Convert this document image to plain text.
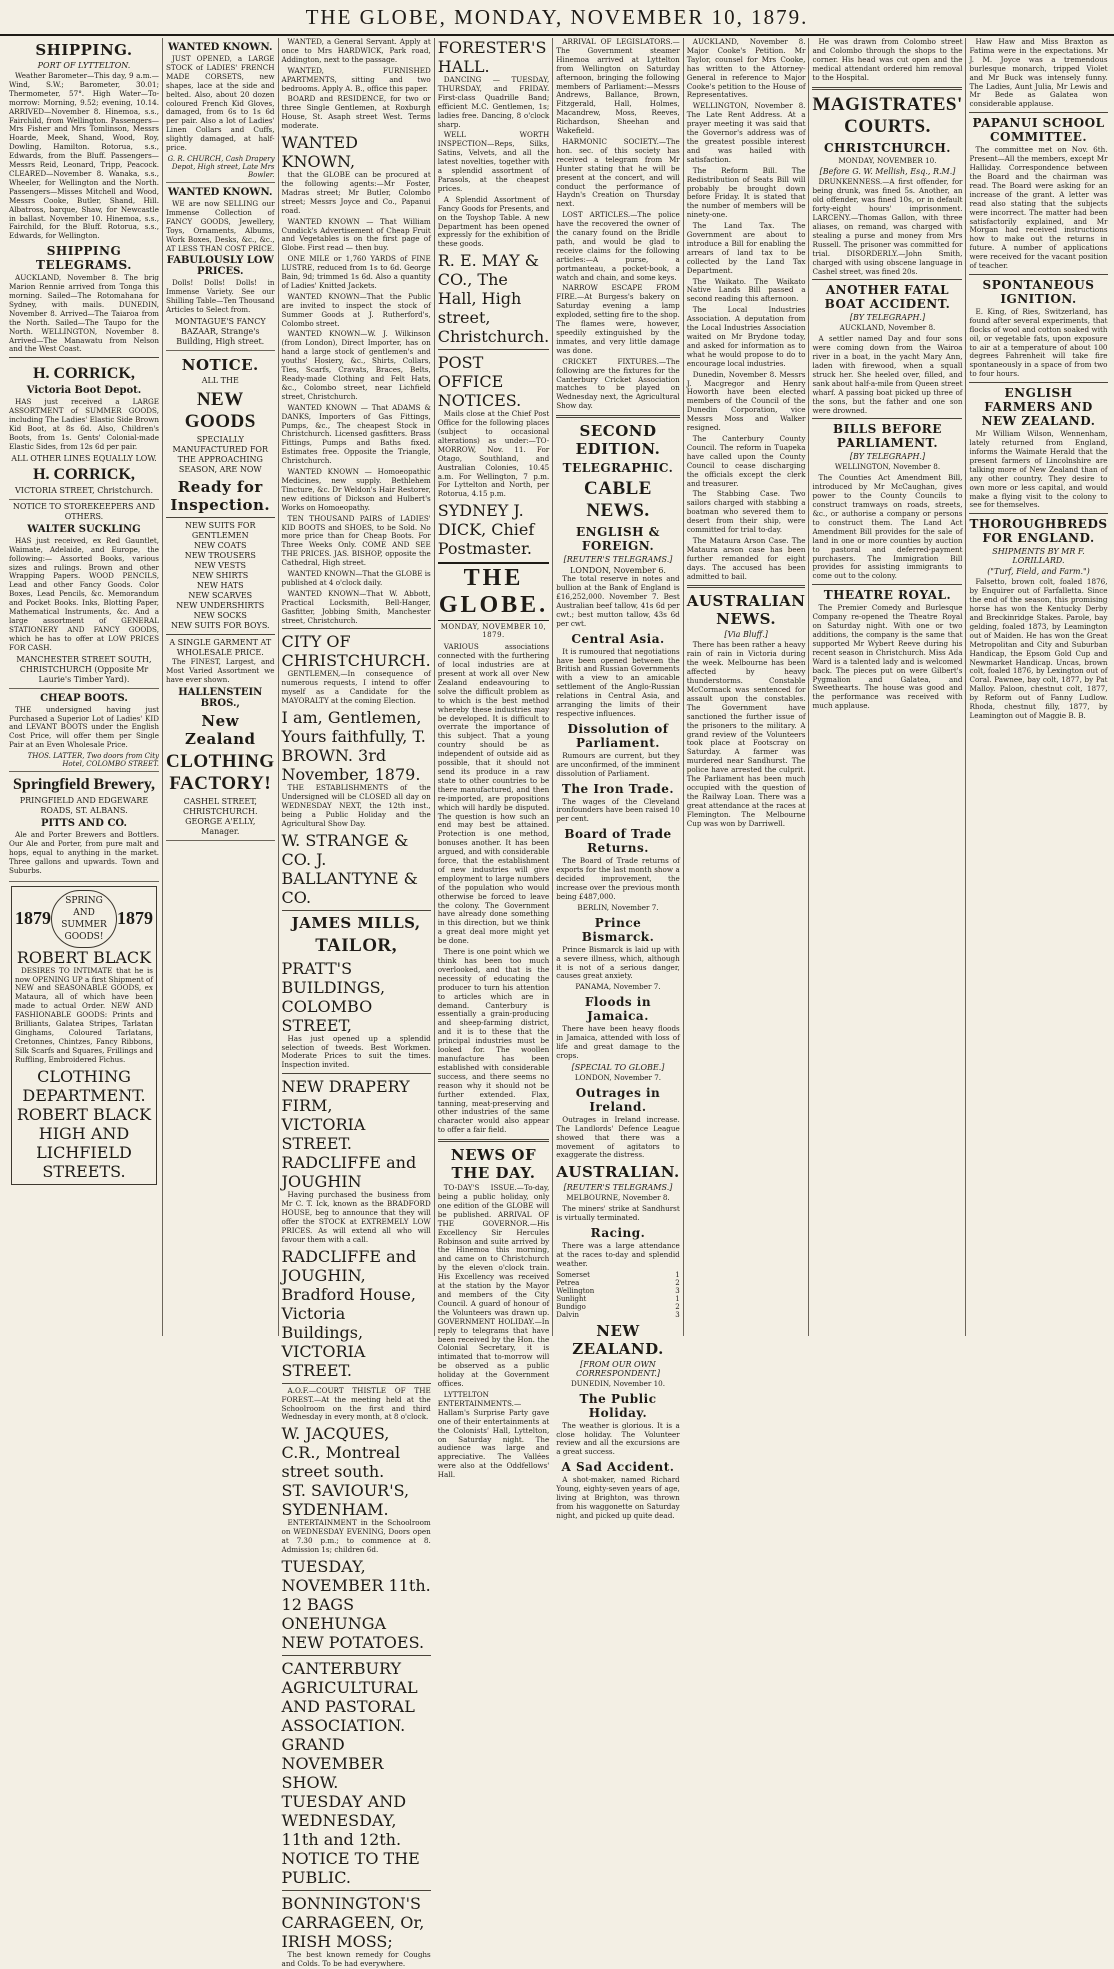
THE GLOBE, MONDAY, NOVEMBER 10, 1879.
SHIPPING.
PORT OF LYTTELTON.

Weather Barometer—This day, 9 a.m.—Wind, S.W.; Barometer, 30.01; Thermometer, 57°. High Water—To-morrow: Morning, 9.52; evening, 10.14. ARRIVED—November 8. Hinemoa, s.s., Fairchild, from Wellington. Passengers—Mrs Fisher and Mrs Tomlinson, Messrs Hoarde, Meek, Shand, Wood, Roy, Dowling, Hamilton. Rotorua, s.s., Edwards, from the Bluff. Passengers—Messrs Reid, Leonard, Tripp, Peacock. CLEARED—November 8. Wanaka, s.s., Wheeler, for Wellington and the North. Passengers—Misses Mitchell and Wood, Messrs Cooke, Butler, Shand, Hill. Albatross, barque, Shaw, for Newcastle in ballast. November 10. Hinemoa, s.s., Fairchild, for the Bluff. Rotorua, s.s., Edwards, for Wellington.

SHIPPING TELEGRAMS.

AUCKLAND, November 8. The brig Marion Rennie arrived from Tonga this morning. Sailed—The Rotomahana for Sydney, with mails. DUNEDIN, November 8. Arrived—The Taiaroa from the North. Sailed—The Taupo for the North. WELLINGTON, November 8. Arrived—The Manawatu from Nelson and the West Coast.

H. CORRICK,
Victoria Boot Depot.

HAS just received a LARGE ASSORTMENT of SUMMER GOODS, including The Ladies' Elastic Side Brown Kid Boot, at 8s 6d. Also, Children's Boots, from 1s. Gents' Colonial-made Elastic Sides, from 12s 6d per pair.

ALL OTHER LINES EQUALLY LOW.
H. CORRICK,
VICTORIA STREET, Christchurch.
NOTICE TO STOREKEEPERS AND OTHERS.
WALTER SUCKLING

HAS just received, ex Red Gauntlet, Waimate, Adelaide, and Europe, the following:— Assorted Books, various sizes and rulings. Brown and other Wrapping Papers. WOOD PENCILS, Lead and other Fancy Goods. Color Boxes, Lead Pencils, &c. Memorandum and Pocket Books. Inks, Blotting Paper, Mathematical Instruments, &c. And a large assortment of GENERAL STATIONERY AND FANCY GOODS, which he has to offer at LOW PRICES FOR CASH.

MANCHESTER STREET SOUTH, CHRISTCHURCH (Opposite Mr Laurie's Timber Yard).
CHEAP BOOTS.

THE undersigned having just Purchased a Superior Lot of Ladies' KID and LEVANT BOOTS under the English Cost Price, will offer them per Single Pair at an Even Wholesale Price.

THOS. LATTER, Two doors from City Hotel, COLOMBO STREET.
Springfield Brewery,
PRINGFIELD AND EDGEWARE ROADS, ST. ALBANS.
PITTS AND CO.

Ale and Porter Brewers and Bottlers. Our Ale and Porter, from pure malt and hops, equal to anything in the market. Three gallons and upwards. Town and Suburbs.

1879
SPRING AND SUMMER GOODS!
1879
ROBERT BLACK

DESIRES TO INTIMATE that he is now OPENING UP a first Shipment of NEW and SEASONABLE GOODS, ex Mataura, all of which have been made to actual Order. NEW AND FASHIONABLE GOODS: Prints and Brilliants, Galatea Stripes, Tarlatan Ginghams, Coloured Tarlatans, Cretonnes, Chintzes, Fancy Ribbons, Silk Scarfs and Squares, Frillings and Ruffling, Embroidered Fichus.

CLOTHING DEPARTMENT.
ROBERT BLACK
HIGH AND LICHFIELD STREETS.
WANTED KNOWN.

JUST OPENED, a LARGE STOCK of LADIES' FRENCH MADE CORSETS, new shapes, lace at the side and belted. Also, about 20 dozen coloured French Kid Gloves, damaged, from 6s to 1s 6d per pair. Also a lot of Ladies' Linen Collars and Cuffs, slightly damaged, at half-price.

G. R. CHURCH, Cash Drapery Depot, High street, Late Mrs Bowler.
WANTED KNOWN.

WE are now SELLING our Immense Collection of FANCY GOODS, Jewellery, Toys, Ornaments, Albums, Work Boxes, Desks, &c., &c., AT LESS THAN COST PRICE.

FABULOUSLY LOW PRICES.

Dolls! Dolls! Dolls! in Immense Variety. See our Shilling Table—Ten Thousand Articles to Select from.

MONTAGUE'S FANCY BAZAAR, Strange's Building, High street.
NOTICE.
ALL THE
NEW GOODS
SPECIALLY MANUFACTURED FOR THE APPROACHING SEASON, ARE NOW
Ready for Inspection.
NEW SUITS FOR GENTLEMEN
NEW COATS
NEW TROUSERS
NEW VESTS
NEW SHIRTS
NEW HATS
NEW SCARVES
NEW UNDERSHIRTS
NEW SOCKS
NEW SUITS FOR BOYS.
A SINGLE GARMENT AT WHOLESALE PRICE.

The FINEST, Largest, and Most Varied Assortment we have ever shown.

HALLENSTEIN BROS.,
New Zealand
CLOTHING FACTORY!
CASHEL STREET, CHRISTCHURCH.
GEORGE A'ELLY, Manager.

WANTED, a General Servant. Apply at once to Mrs HARDWICK, Park road, Addington, next to the passage.

WANTED, FURNISHED APARTMENTS, sitting and two bedrooms. Apply A. B., office this paper.

BOARD and RESIDENCE, for two or three Single Gentlemen, at Roxburgh House, St. Asaph street West. Terms moderate.

WANTED KNOWN,

that the GLOBE can be procured at the following agents:—Mr Foster, Madras street; Mr Butler, Colombo street; Messrs Joyce and Co., Papanui road.

WANTED KNOWN — That William Cundick's Advertisement of Cheap Fruit and Vegetables is on the first page of Globe. First read — then buy.

ONE MILE or 1,760 YARDS of FINE LUSTRE, reduced from 1s to 6d. George Bain, 9d; trimmed 1s 6d. Also a quantity of Ladies' Knitted Jackets.

WANTED KNOWN—That the Public are invited to inspect the stock of Summer Goods at J. Rutherford's, Colombo street.

WANTED KNOWN—W. J. Wilkinson (from London), Direct Importer, has on hand a large stock of gentlemen's and youths' Hosiery, &c., Shirts, Collars, Ties, Scarfs, Cravats, Braces, Belts, Ready-made Clothing and Felt Hats, &c., Colombo street, near Lichfield street, Christchurch.

WANTED KNOWN — That ADAMS & DANKS, Importers of Gas Fittings, Pumps, &c., The cheapest Stock in Christchurch. Licensed gasfitters. Brass Fittings, Pumps and Baths fixed. Estimates free. Opposite the Triangle, Christchurch.

WANTED KNOWN — Homoeopathic Medicines, new supply. Bethlehem Tincture, &c. Dr Weldon's Hair Restorer, new editions of Dickson and Hulbert's Works on Homoeopathy.

TEN THOUSAND PAIRS of LADIES' KID BOOTS and SHOES, to be Sold. No more price than for Cheap Boots. For Three Weeks Only. COME AND SEE THE PRICES. JAS. BISHOP, opposite the Cathedral, High street.

WANTED KNOWN—That the GLOBE is published at 4 o'clock daily.

WANTED KNOWN—That W. Abbott, Practical Locksmith, Bell-Hanger, Gasfitter, Jobbing Smith, Manchester street, Christchurch.

CITY OF CHRISTCHURCH.

GENTLEMEN,—In consequence of numerous requests, I intend to offer myself as a Candidate for the MAYORALTY at the coming Election.

I am, Gentlemen, Yours faithfully, T. BROWN. 3rd November, 1879.

THE ESTABLISHMENTS of the Undersigned will be CLOSED all day on WEDNESDAY NEXT, the 12th inst., being a Public Holiday and the Agricultural Show Day.

W. STRANGE & CO. J. BALLANTYNE & CO.
JAMES MILLS,
TAILOR,
PRATT'S BUILDINGS, COLOMBO STREET,

Has just opened up a splendid selection of tweeds. Best Workmen. Moderate Prices to suit the times. Inspection invited.

NEW DRAPERY FIRM,
VICTORIA STREET.
RADCLIFFE and JOUGHIN

Having purchased the business from Mr C. T. Ick, known as the BRADFORD HOUSE, beg to announce that they will offer the STOCK at EXTREMELY LOW PRICES. As will extend all who will favour them with a call.

RADCLIFFE and JOUGHIN, Bradford House, Victoria Buildings, VICTORIA STREET.

A.O.F.—COURT THISTLE OF THE FOREST.—At the meeting held at the Schoolroom on the first and third Wednesday in every month, at 8 o'clock.

W. JACQUES, C.R., Montreal street south.
ST. SAVIOUR'S, SYDENHAM.

ENTERTAINMENT in the Schoolroom on WEDNESDAY EVENING, Doors open at 7.30 p.m.; to commence at 8. Admission 1s; children 6d.

TUESDAY, NOVEMBER 11th.
12 BAGS ONEHUNGA NEW POTATOES.
CANTERBURY AGRICULTURAL AND PASTORAL ASSOCIATION.
GRAND NOVEMBER SHOW.
TUESDAY AND WEDNESDAY, 11th and 12th.
NOTICE TO THE PUBLIC.
BONNINGTON'S CARRAGEEN, Or, IRISH MOSS;

The best known remedy for Coughs and Colds. To be had everywhere.

FORESTER'S HALL.

DANCING — TUESDAY, THURSDAY, and FRIDAY. First-class Quadrille Band; efficient M.C. Gentlemen, 1s; ladies free. Dancing, 8 o'clock sharp.

WELL WORTH INSPECTION—Reps, Silks, Satins, Velvets, and all the latest novelties, together with a splendid assortment of Parasols, at the cheapest prices.

A Splendid Assortment of Fancy Goods for Presents, and on the Toyshop Table. A new Department has been opened expressly for the exhibition of these goods.

R. E. MAY & CO., The Hall, High street, Christchurch.
POST OFFICE NOTICES.

Mails close at the Chief Post Office for the following places (subject to occasional alterations) as under:—TO-MORROW, Nov. 11. For Otago, Southland, and Australian Colonies, 10.45 a.m. For Wellington, 7 p.m. For Lyttelton and North, per Rotorua, 4.15 p.m.

SYDNEY J. DICK, Chief Postmaster.
THE GLOBE.
MONDAY, NOVEMBER 10, 1879.

VARIOUS associations connected with the furthering of local industries are at present at work all over New Zealand endeavouring to solve the difficult problem as to which is the best method whereby these industries may be developed. It is difficult to overrate the importance of this subject. That a young country should be as independent of outside aid as possible, that it should not send its produce in a raw state to other countries to be there manufactured, and then re-imported, are propositions which will hardly be disputed. The question is how such an end may best be attained. Protection is one method, bonuses another. It has been argued, and with considerable force, that the establishment of new industries will give employment to large numbers of the population who would otherwise be forced to leave the colony. The Government have already done something in this direction, but we think a great deal more might yet be done.

There is one point which we think has been too much overlooked, and that is the necessity of educating the producer to turn his attention to articles which are in demand. Canterbury is essentially a grain-producing and sheep-farming district, and it is to these that the principal industries must be looked for. The woollen manufacture has been established with considerable success, and there seems no reason why it should not be further extended. Flax, tanning, meat-preserving and other industries of the same character would also appear to offer a fair field.

NEWS OF THE DAY.

TO-DAY'S ISSUE.—To-day, being a public holiday, only one edition of the GLOBE will be published. ARRIVAL OF THE GOVERNOR.—His Excellency Sir Hercules Robinson and suite arrived by the Hinemoa this morning, and came on to Christchurch by the eleven o'clock train. His Excellency was received at the station by the Mayor and members of the City Council. A guard of honour of the Volunteers was drawn up. GOVERNMENT HOLIDAY.—In reply to telegrams that have been received by the Hon. the Colonial Secretary, it is intimated that to-morrow will be observed as a public holiday at the Government offices.

LYTTELTON ENTERTAINMENTS.—Hallam's Surprise Party gave one of their entertainments at the Colonists' Hall, Lyttelton, on Saturday night. The audience was large and appreciative. The Vallées were also at the Oddfellows' Hall.

ARRIVAL OF LEGISLATORS.—The Government steamer Hinemoa arrived at Lyttelton from Wellington on Saturday afternoon, bringing the following members of Parliament:—Messrs Andrews, Ballance, Brown, Fitzgerald, Hall, Holmes, Macandrew, Moss, Reeves, Richardson, Sheehan and Wakefield.

HARMONIC SOCIETY.—The hon. sec. of this society has received a telegram from Mr Hunter stating that he will be present at the concert, and will conduct the performance of Haydn's Creation on Thursday next.

LOST ARTICLES.—The police have the recovered the owner of the canary found on the Bridle path, and would be glad to receive claims for the following articles:—A purse, a portmanteau, a pocket-book, a watch and chain, and some keys.

NARROW ESCAPE FROM FIRE.—At Burgess's bakery on Saturday evening a lamp exploded, setting fire to the shop. The flames were, however, speedily extinguished by the inmates, and very little damage was done.

CRICKET FIXTURES.—The following are the fixtures for the Canterbury Cricket Association matches to be played on Wednesday next, the Agricultural Show day.

SECOND EDITION.
TELEGRAPHIC.
CABLE NEWS.
ENGLISH & FOREIGN.
[REUTER'S TELEGRAMS.]
LONDON, November 6.

The total reserve in notes and bullion at the Bank of England is £16,252,000. November 7. Best Australian beef tallow, 41s 6d per cwt.; best mutton tallow, 43s 6d per cwt.

Central Asia.

It is rumoured that negotiations have been opened between the British and Russian Governments with a view to an amicable settlement of the Anglo-Russian relations in Central Asia, and arranging the limits of their respective influences.

Dissolution of Parliament.

Rumours are current, but they are unconfirmed, of the imminent dissolution of Parliament.

The Iron Trade.

The wages of the Cleveland ironfounders have been raised 10 per cent.

Board of Trade Returns.

The Board of Trade returns of exports for the last month show a decided improvement, the increase over the previous month being £487,000.

BERLIN, November 7.

Prince Bismarck.

Prince Bismarck is laid up with a severe illness, which, although it is not of a serious danger, causes great anxiety.

PANAMA, November 7.

Floods in Jamaica.

There have been heavy floods in Jamaica, attended with loss of life and great damage to the crops.

[SPECIAL TO GLOBE.]

LONDON, November 7.

Outrages in Ireland.

Outrages in Ireland increase. The Landlords' Defence League showed that there was a movement of agitators to exaggerate the distress.

AUSTRALIAN.
[REUTER'S TELEGRAMS.]

MELBOURNE, November 8.

The miners' strike at Sandhurst is virtually terminated.

Racing.

There was a large attendance at the races to-day and splendid weather.

Somerset	1
Petrea	2
Wellington	3
Sunlight	1
Bundigo	2
Dalvin	3
NEW ZEALAND.
[FROM OUR OWN CORRESPONDENT.]

DUNEDIN, November 10.

The Public Holiday.

The weather is glorious. It is a close holiday. The Volunteer review and all the excursions are a great success.

A Sad Accident.

A shot-maker, named Richard Young, eighty-seven years of age, living at Brighton, was thrown from his waggonette on Saturday night, and picked up quite dead.

AUCKLAND, November 8. Major Cooke's Petition. Mr Taylor, counsel for Mrs Cooke, has written to the Attorney-General in reference to Major Cooke's petition to the House of Representatives.

WELLINGTON, November 8. The Late Rent Address. At a prayer meeting it was said that the Governor's address was of the greatest possible interest and was hailed with satisfaction.

The Reform Bill. The Redistribution of Seats Bill will probably be brought down before Friday. It is stated that the number of members will be ninety-one.

The Land Tax. The Government are about to introduce a Bill for enabling the arrears of land tax to be collected by the Land Tax Department.

The Waikato. The Waikato Native Lands Bill passed a second reading this afternoon.

The Local Industries Association. A deputation from the Local Industries Association waited on Mr Brydone today, and asked for information as to what he would propose to do to encourage local industries.

Dunedin, November 8. Messrs J. Macgregor and Henry Howorth have been elected members of the Council of the Dunedin Corporation, vice Messrs Moss and Walker resigned.

The Canterbury County Council. The reform in Tuapeka have called upon the County Council to cease discharging the officials except the clerk and treasurer.

The Stabbing Case. Two sailors charged with stabbing a boatman who severed them to desert from their ship, were committed for trial to-day.

The Mataura Arson Case. The Mataura arson case has been further remanded for eight days. The accused has been admitted to bail.

AUSTRALIAN NEWS.
[Via Bluff.]

There has been rather a heavy rain of rain in Victoria during the week. Melbourne has been affected by heavy thunderstorms. Constable McCormack was sentenced for assault upon the constables. The Government have sanctioned the further issue of the prisoners to the military. A grand review of the Volunteers took place at Footscray on Saturday. A farmer was murdered near Sandhurst. The police have arrested the culprit. The Parliament has been much occupied with the question of the Railway Loan. There was a great attendance at the races at Flemington. The Melbourne Cup was won by Darriwell.

He was drawn from Colombo street and Colombo through the shops to the corner. His head was cut open and the medical attendant ordered him removal to the Hospital.

MAGISTRATES' COURTS.
CHRISTCHURCH.

MONDAY, NOVEMBER 10.

[Before G. W. Mellish, Esq., R.M.]

DRUNKENNESS.—A first offender, for being drunk, was fined 5s. Another, an old offender, was fined 10s, or in default forty-eight hours' imprisonment. LARCENY.—Thomas Gallon, with three aliases, on remand, was charged with stealing a purse and money from Mrs Russell. The prisoner was committed for trial. DISORDERLY.—John Smith, charged with using obscene language in Cashel street, was fined 20s.

ANOTHER FATAL BOAT ACCIDENT.
[BY TELEGRAPH.]

AUCKLAND, November 8.

A settler named Day and four sons were coming down from the Wairoa river in a boat, in the yacht Mary Ann, laden with firewood, when a squall struck her. She heeled over, filled, and sank about half-a-mile from Queen street wharf. A passing boat picked up three of the sons, but the father and one son were drowned.

BILLS BEFORE PARLIAMENT.
[BY TELEGRAPH.]

WELLINGTON, November 8.

The Counties Act Amendment Bill, introduced by Mr McCaughan, gives power to the County Councils to construct tramways on roads, streets, &c., or authorise a company or persons to construct them. The Land Act Amendment Bill provides for the sale of land in one or more counties by auction to pastoral and deferred-payment purchasers. The Immigration Bill provides for assisting immigrants to come out to the colony.

THEATRE ROYAL.

The Premier Comedy and Burlesque Company re-opened the Theatre Royal on Saturday night. With one or two additions, the company is the same that supported Mr Wybert Reeve during his recent season in Christchurch. Miss Ada Ward is a talented lady and is welcomed back. The pieces put on were Gilbert's Pygmalion and Galatea, and Sweethearts. The house was good and the performance was received with much applause.

Haw Haw and Miss Braxton as Fatima were in the expectations. Mr J. M. Joyce was a tremendous burlesque monarch, tripped Violet and Mr Buck was intensely funny. The Ladies, Aunt Julia, Mr Lewis and Mr Bede as Galatea won considerable applause.

PAPANUI SCHOOL COMMITTEE.

The committee met on Nov. 6th. Present—All the members, except Mr Halliday. Correspondence between the Board and the chairman was read. The Board were asking for an increase of the grant. A letter was read also stating that the subjects were incorrect. The matter had been satisfactorily explained, and Mr Morgan had received instructions how to make out the returns in future. A number of applications were received for the vacant position of teacher.

SPONTANEOUS IGNITION.

E. King, of Ries, Switzerland, has found after several experiments, that flocks of wool and cotton soaked with oil, or vegetable fats, upon exposure to air at a temperature of about 100 degrees Fahrenheit will take fire spontaneously in a space of from two to four hours.

ENGLISH FARMERS AND NEW ZEALAND.

Mr William Wilson, Wennenham, lately returned from England, informs the Waimate Herald that the present farmers of Lincolnshire are talking more of New Zealand than of any other country. They desire to own more or less capital, and would make a flying visit to the colony to see for themselves.

THOROUGHBREDS FOR ENGLAND.
SHIPMENTS BY MR F. LORILLARD.
("Turf, Field, and Farm.")

Falsetto, brown colt, foaled 1876, by Enquirer out of Farfalletta. Since the end of the season, this promising horse has won the Kentucky Derby and Breckinridge Stakes. Parole, bay gelding, foaled 1873, by Leamington out of Maiden. He has won the Great Metropolitan and City and Suburban Handicap, the Epsom Gold Cup and Newmarket Handicap. Uncas, brown colt, foaled 1876, by Lexington out of Coral. Pawnee, bay colt, 1877, by Pat Malloy. Paloon, chestnut colt, 1877, by Reform out of Fanny Ludlow. Rhoda, chestnut filly, 1877, by Leamington out of Maggie B. B.
